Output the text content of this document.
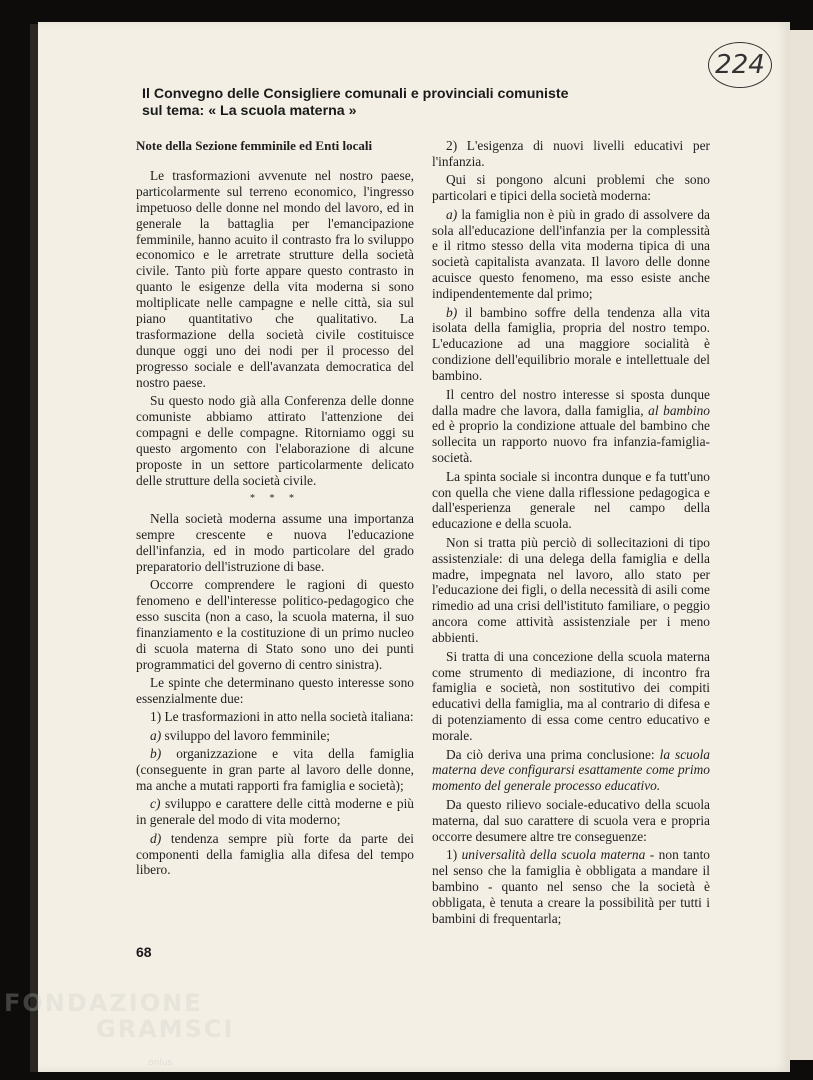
224
Il Convegno delle Consigliere comunali e provinciali comuniste
sul tema: « La scuola materna »

Note della Sezione femminile ed Enti locali

Le trasformazioni avvenute nel nostro paese, particolarmente sul terreno economico, l'ingresso impetuoso delle donne nel mondo del lavoro, ed in generale la battaglia per l'emancipazione femminile, hanno acuito il contrasto fra lo sviluppo economico e le arretrate strutture della società civile. Tanto più forte appare questo contrasto in quanto le esigenze della vita moderna si sono moltiplicate nelle campagne e nelle città, sia sul piano quantitativo che qualitativo. La trasformazione della società civile costituisce dunque oggi uno dei nodi per il processo del progresso sociale e dell'avanzata democratica del nostro paese.

Su questo nodo già alla Conferenza delle donne comuniste abbiamo attirato l'attenzione dei compagni e delle compagne. Ritorniamo oggi su questo argomento con l'elaborazione di alcune proposte in un settore particolarmente delicato delle strutture della società civile.

* * *

Nella società moderna assume una importanza sempre crescente e nuova l'educazione dell'infanzia, ed in modo particolare del grado preparatorio dell'istruzione di base.

Occorre comprendere le ragioni di questo fenomeno e dell'interesse politico-pedagogico che esso suscita (non a caso, la scuola materna, il suo finanziamento e la costituzione di un primo nucleo di scuola materna di Stato sono uno dei punti programmatici del governo di centro sinistra).

Le spinte che determinano questo interesse sono essenzialmente due:

1) Le trasformazioni in atto nella società italiana:

a) sviluppo del lavoro femminile;

b) organizzazione e vita della famiglia (conseguente in gran parte al lavoro delle donne, ma anche a mutati rapporti fra famiglia e società);

c) sviluppo e carattere delle città moderne e più in generale del modo di vita moderno;

d) tendenza sempre più forte da parte dei componenti della famiglia alla difesa del tempo libero.

2) L'esigenza di nuovi livelli educativi per l'infanzia.

Qui si pongono alcuni problemi che sono particolari e tipici della società moderna:

a) la famiglia non è più in grado di assolvere da sola all'educazione dell'infanzia per la complessità e il ritmo stesso della vita moderna tipica di una società capitalista avanzata. Il lavoro delle donne acuisce questo fenomeno, ma esso esiste anche indipendentemente dal primo;

b) il bambino soffre della tendenza alla vita isolata della famiglia, propria del nostro tempo. L'educazione ad una maggiore socialità è condizione dell'equilibrio morale e intellettuale del bambino.

Il centro del nostro interesse si sposta dunque dalla madre che lavora, dalla famiglia, al bambino ed è proprio la condizione attuale del bambino che sollecita un rapporto nuovo fra infanzia-famiglia-società.

La spinta sociale si incontra dunque e fa tutt'uno con quella che viene dalla riflessione pedagogica e dall'esperienza generale nel campo della educazione e della scuola.

Non si tratta più perciò di sollecitazioni di tipo assistenziale: di una delega della famiglia e della madre, impegnata nel lavoro, allo stato per l'educazione dei figli, o della necessità di asili come rimedio ad una crisi dell'istituto familiare, o peggio ancora come attività assistenziale per i meno abbienti.

Si tratta di una concezione della scuola materna come strumento di mediazione, di incontro fra famiglia e società, non sostitutivo dei compiti educativi della famiglia, ma al contrario di difesa e di potenziamento di essa come centro educativo e morale.

Da ciò deriva una prima conclusione: la scuola materna deve configurarsi esattamente come primo momento del generale processo educativo.

Da questo rilievo sociale-educativo della scuola materna, dal suo carattere di scuola vera e propria occorre desumere altre tre conseguenze:

1) universalità della scuola materna - non tanto nel senso che la famiglia è obbligata a mandare il bambino - quanto nel senso che la società è obbligata, è tenuta a creare la possibilità per tutti i bambini di frequentarla;

68
FONDAZIONE
GRAMSCI
onlus
